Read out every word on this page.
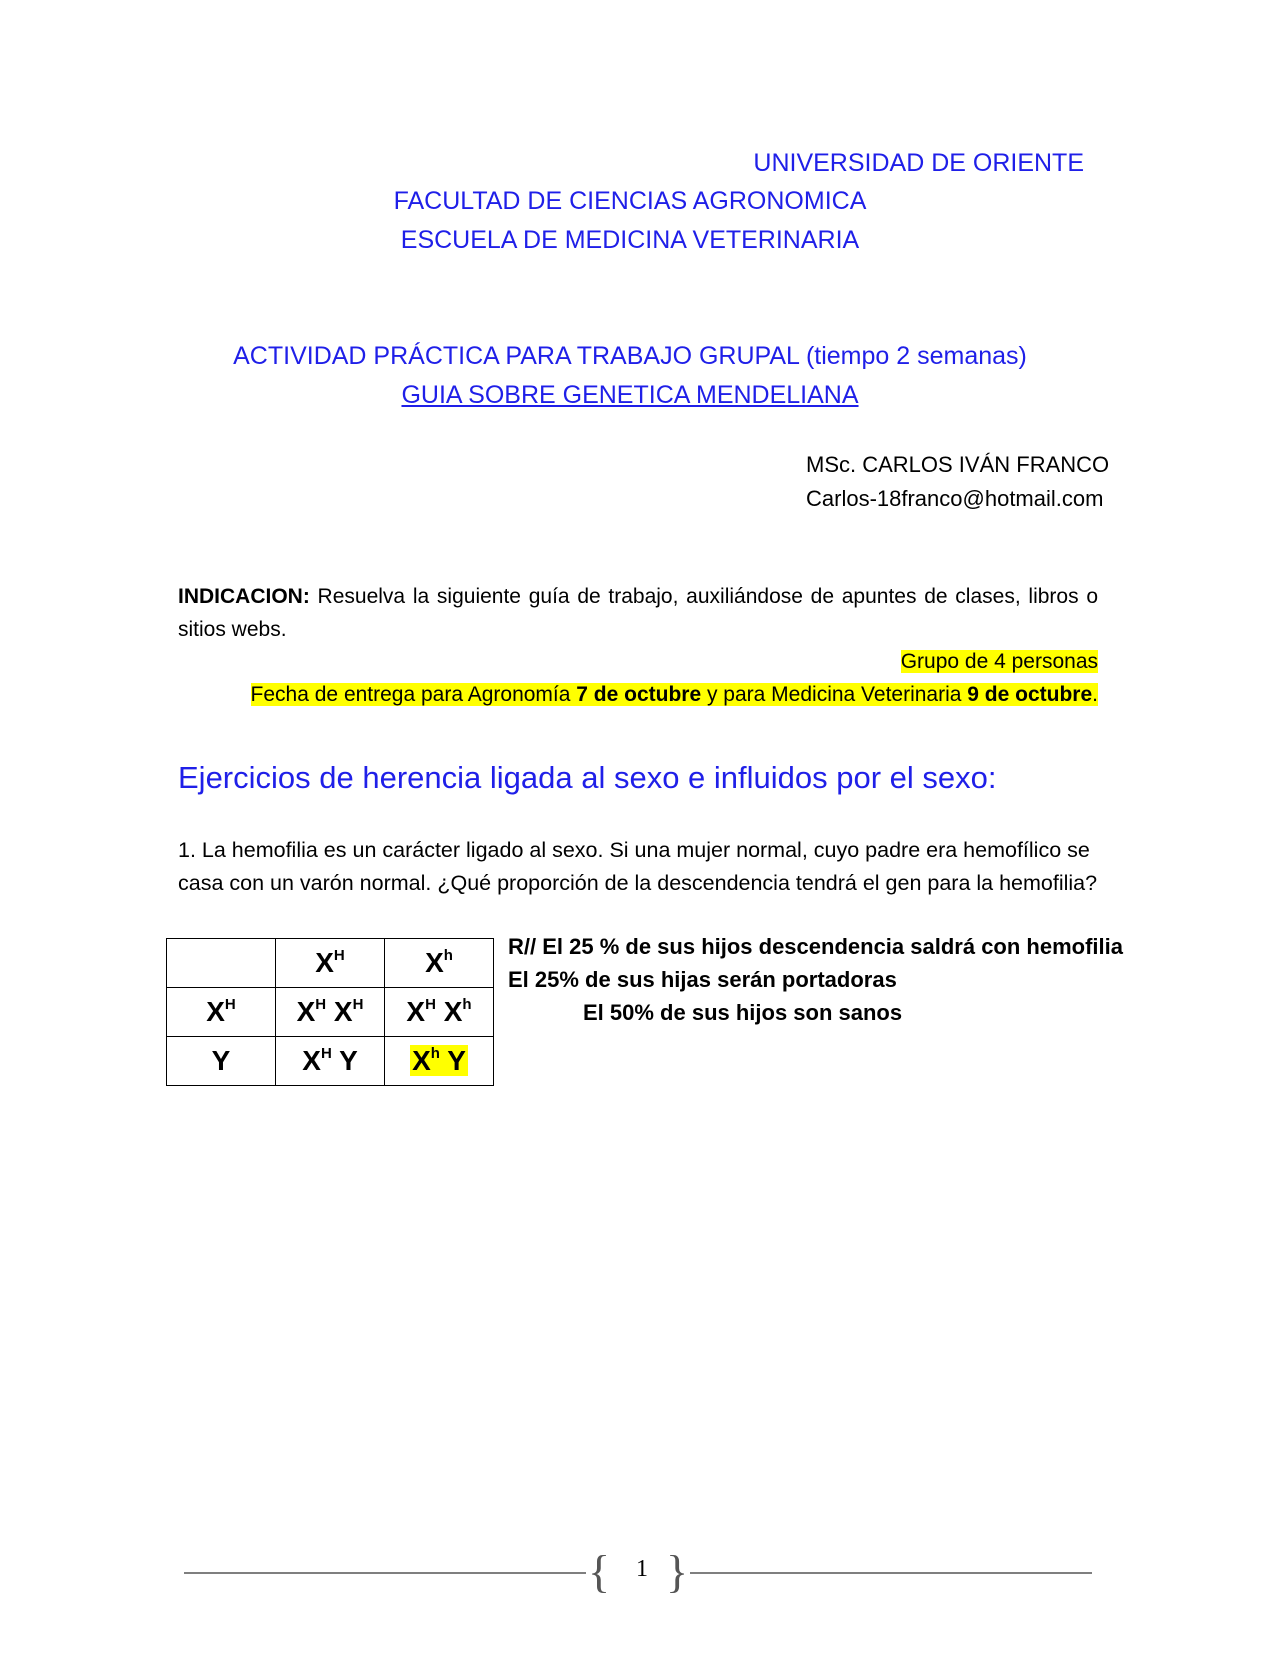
UNIVERSIDAD DE ORIENTE
FACULTAD DE CIENCIAS AGRONOMICA
ESCUELA DE MEDICINA VETERINARIA
ACTIVIDAD PRÁCTICA PARA TRABAJO GRUPAL (tiempo 2 semanas)
GUIA SOBRE GENETICA MENDELIANA
MSc. CARLOS IVÁN FRANCO
Carlos-18franco@hotmail.com
INDICACION: Resuelva la siguiente guía de trabajo, auxiliándose de apuntes de clases, libros o sitios webs.
Grupo de 4 personas
Fecha de entrega para Agronomía 7 de octubre y para Medicina Veterinaria 9 de octubre.
Ejercicios de herencia ligada al sexo e influidos por el sexo:
1. La hemofilia es un carácter ligado al sexo. Si una mujer normal, cuyo padre era hemofílico se casa con un varón normal. ¿Qué proporción de la descendencia tendrá el gen para la hemofilia?
	$X^H$	$X^h$
$X^H$	$X^H$ $X^H$	$X^H$ $X^h$
Y	$X^H$ Y	$X^h$ Y
R// El 25 % de sus hijos descendencia saldrá con hemofilia
El 25% de sus hijas serán portadoras
El 50% de sus hijos son sanos
{ 1 }
